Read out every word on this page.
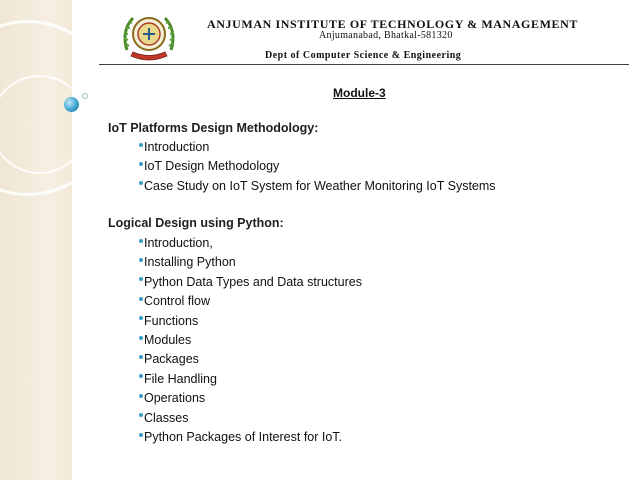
ANJUMAN INSTITUTE OF TECHNOLOGY & MANAGEMENT
Anjumanabad, Bhatkal-581320
Dept of Computer Science & Engineering
Module-3
IoT Platforms Design Methodology:
Introduction
IoT Design Methodology
Case Study on IoT System for Weather Monitoring IoT Systems
Logical Design using Python:
Introduction,
Installing Python
Python Data Types and Data structures
Control flow
Functions
Modules
Packages
File Handling
Operations
Classes
Python Packages of Interest for IoT.
